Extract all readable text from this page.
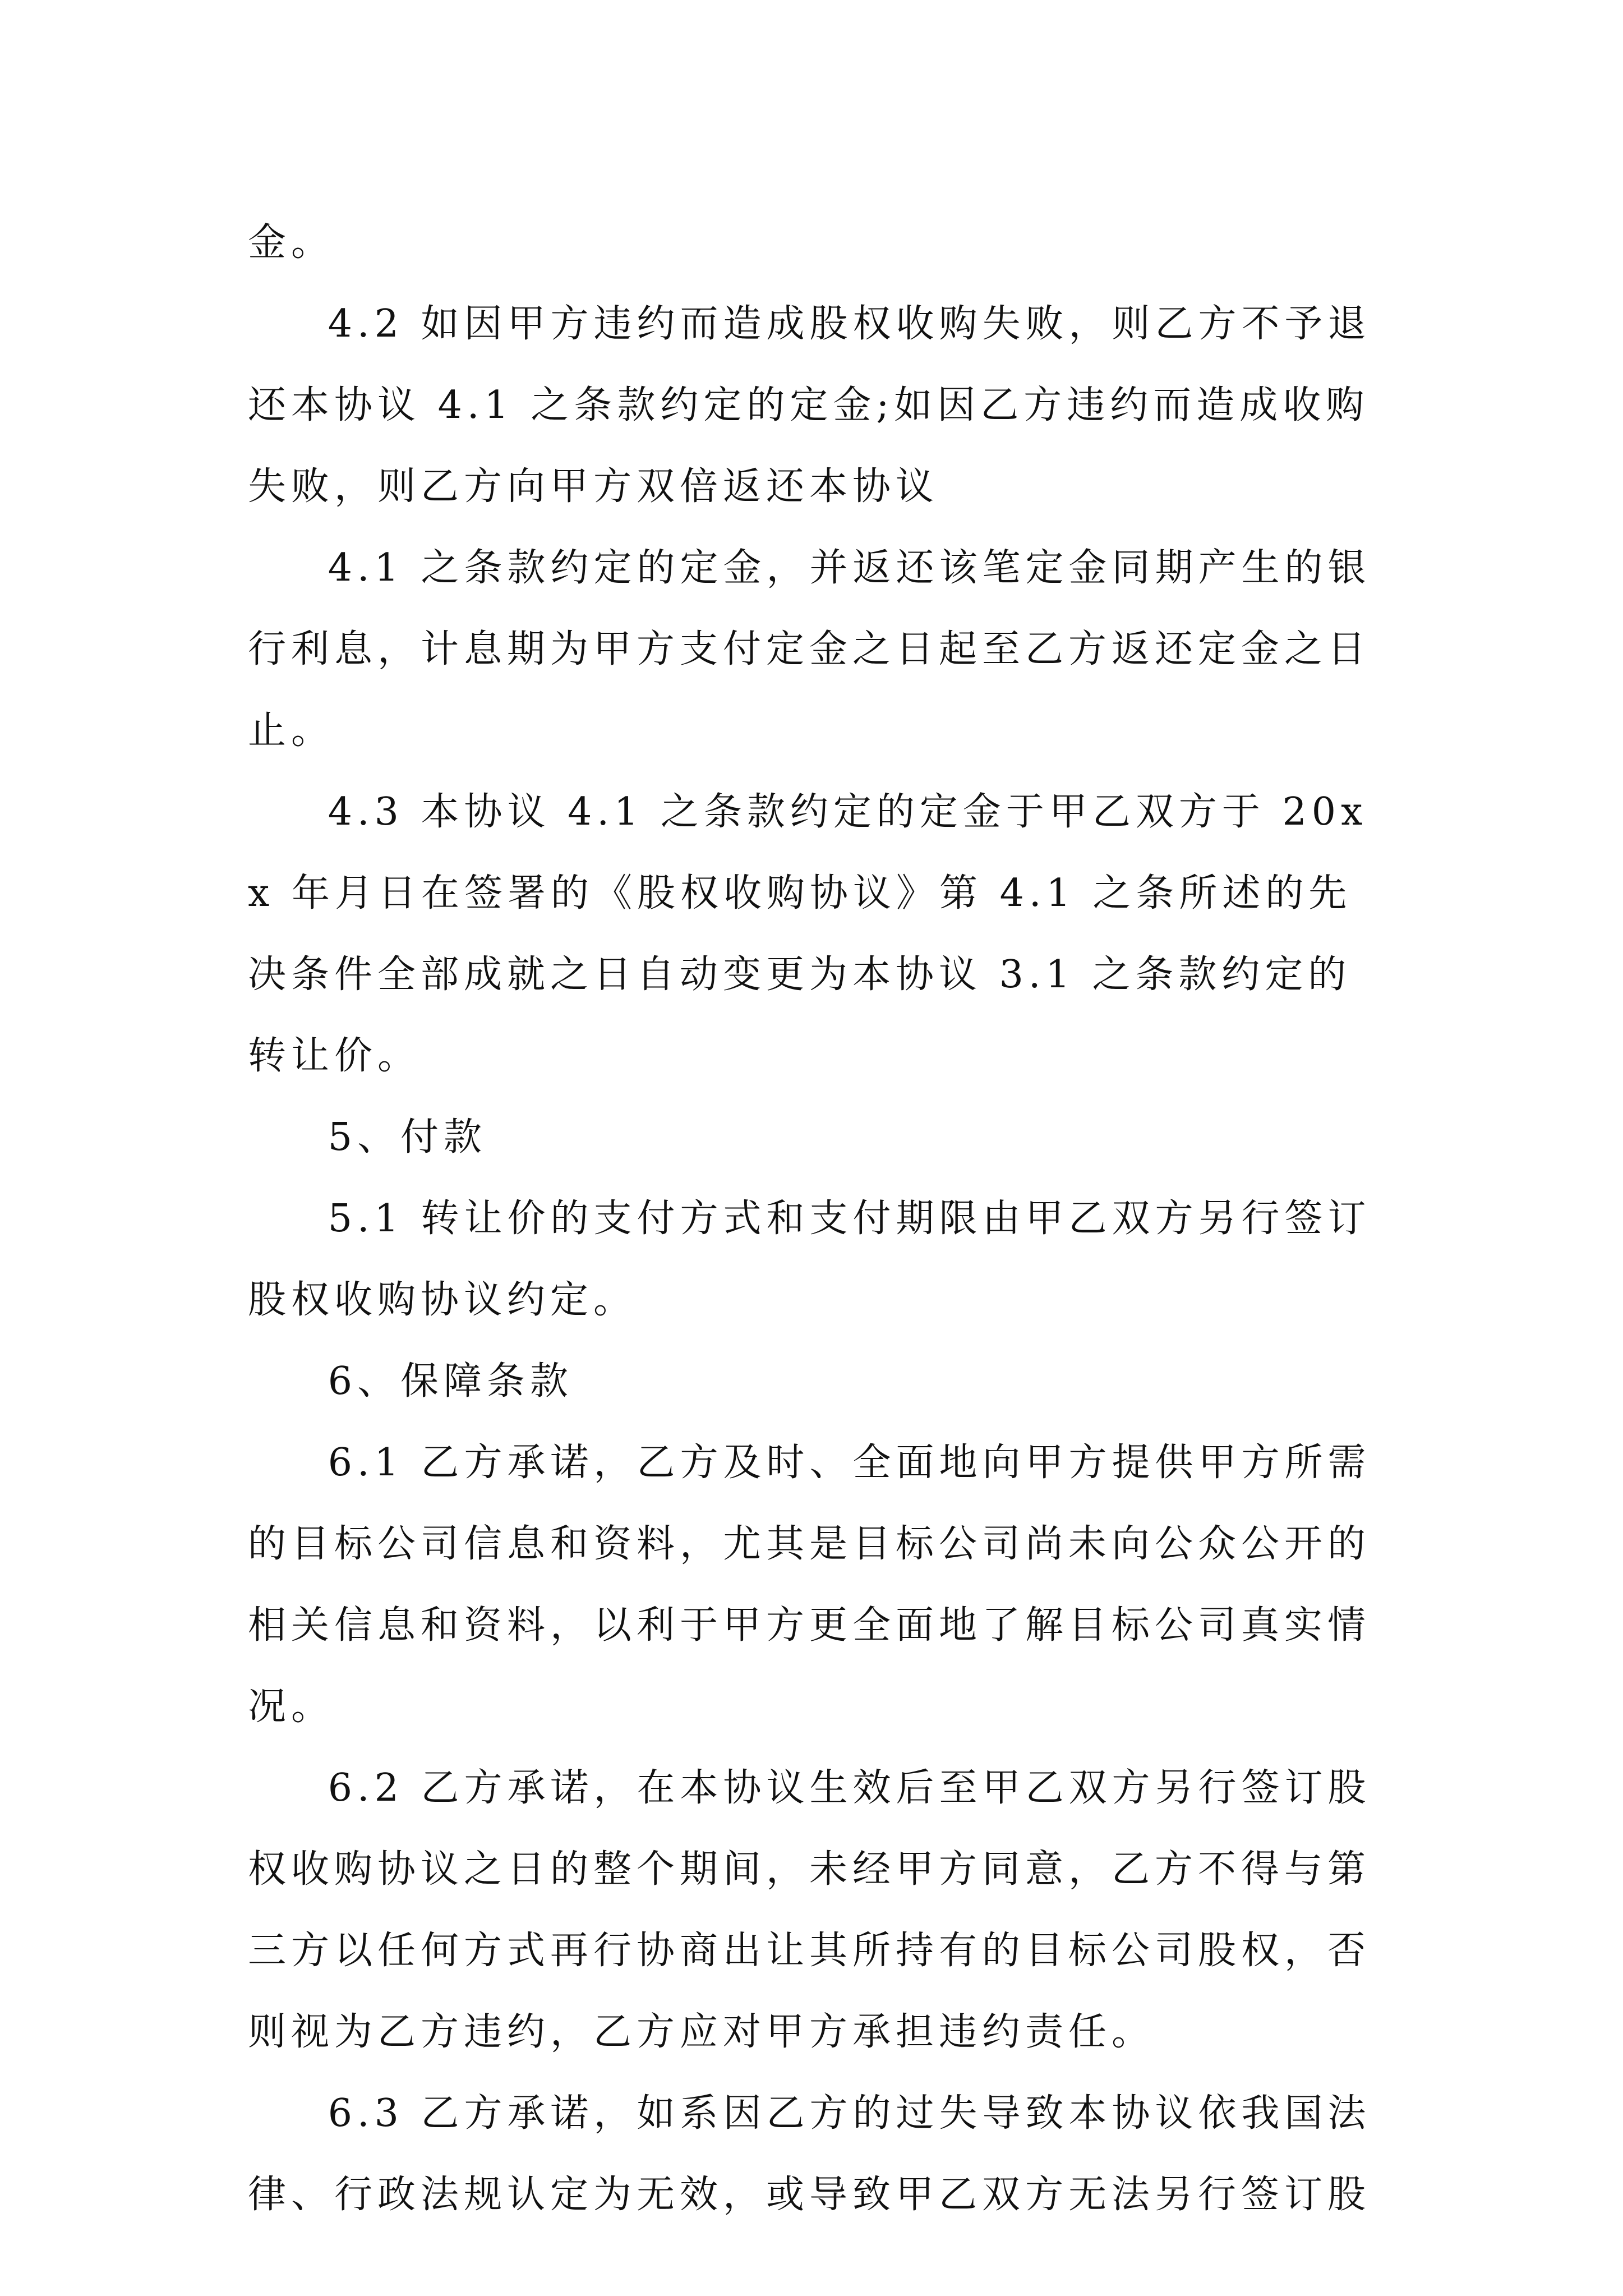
金。

4.2 如因甲方违约而造成股权收购失败，则乙方不予退还本协议 4.1 之条款约定的定金;如因乙方违约而造成收购失败，则乙方向甲方双倍返还本协议

4.1 之条款约定的定金，并返还该笔定金同期产生的银行利息，计息期为甲方支付定金之日起至乙方返还定金之日止。

4.3 本协议 4.1 之条款约定的定金于甲乙双方于 20xx 年月日在签署的《股权收购协议》第 4.1 之条所述的先决条件全部成就之日自动变更为本协议 3.1 之条款约定的转让价。

5、付款

5.1 转让价的支付方式和支付期限由甲乙双方另行签订股权收购协议约定。

6、保障条款

6.1 乙方承诺，乙方及时、全面地向甲方提供甲方所需的目标公司信息和资料，尤其是目标公司尚未向公众公开的相关信息和资料，以利于甲方更全面地了解目标公司真实情况。

6.2 乙方承诺，在本协议生效后至甲乙双方另行签订股权收购协议之日的整个期间，未经甲方同意，乙方不得与第三方以任何方式再行协商出让其所持有的目标公司股权，否则视为乙方违约，乙方应对甲方承担违约责任。

6.3 乙方承诺，如系因乙方的过失导致本协议依我国法律、行政法规认定为无效，或导致甲乙双方无法另行签订股
